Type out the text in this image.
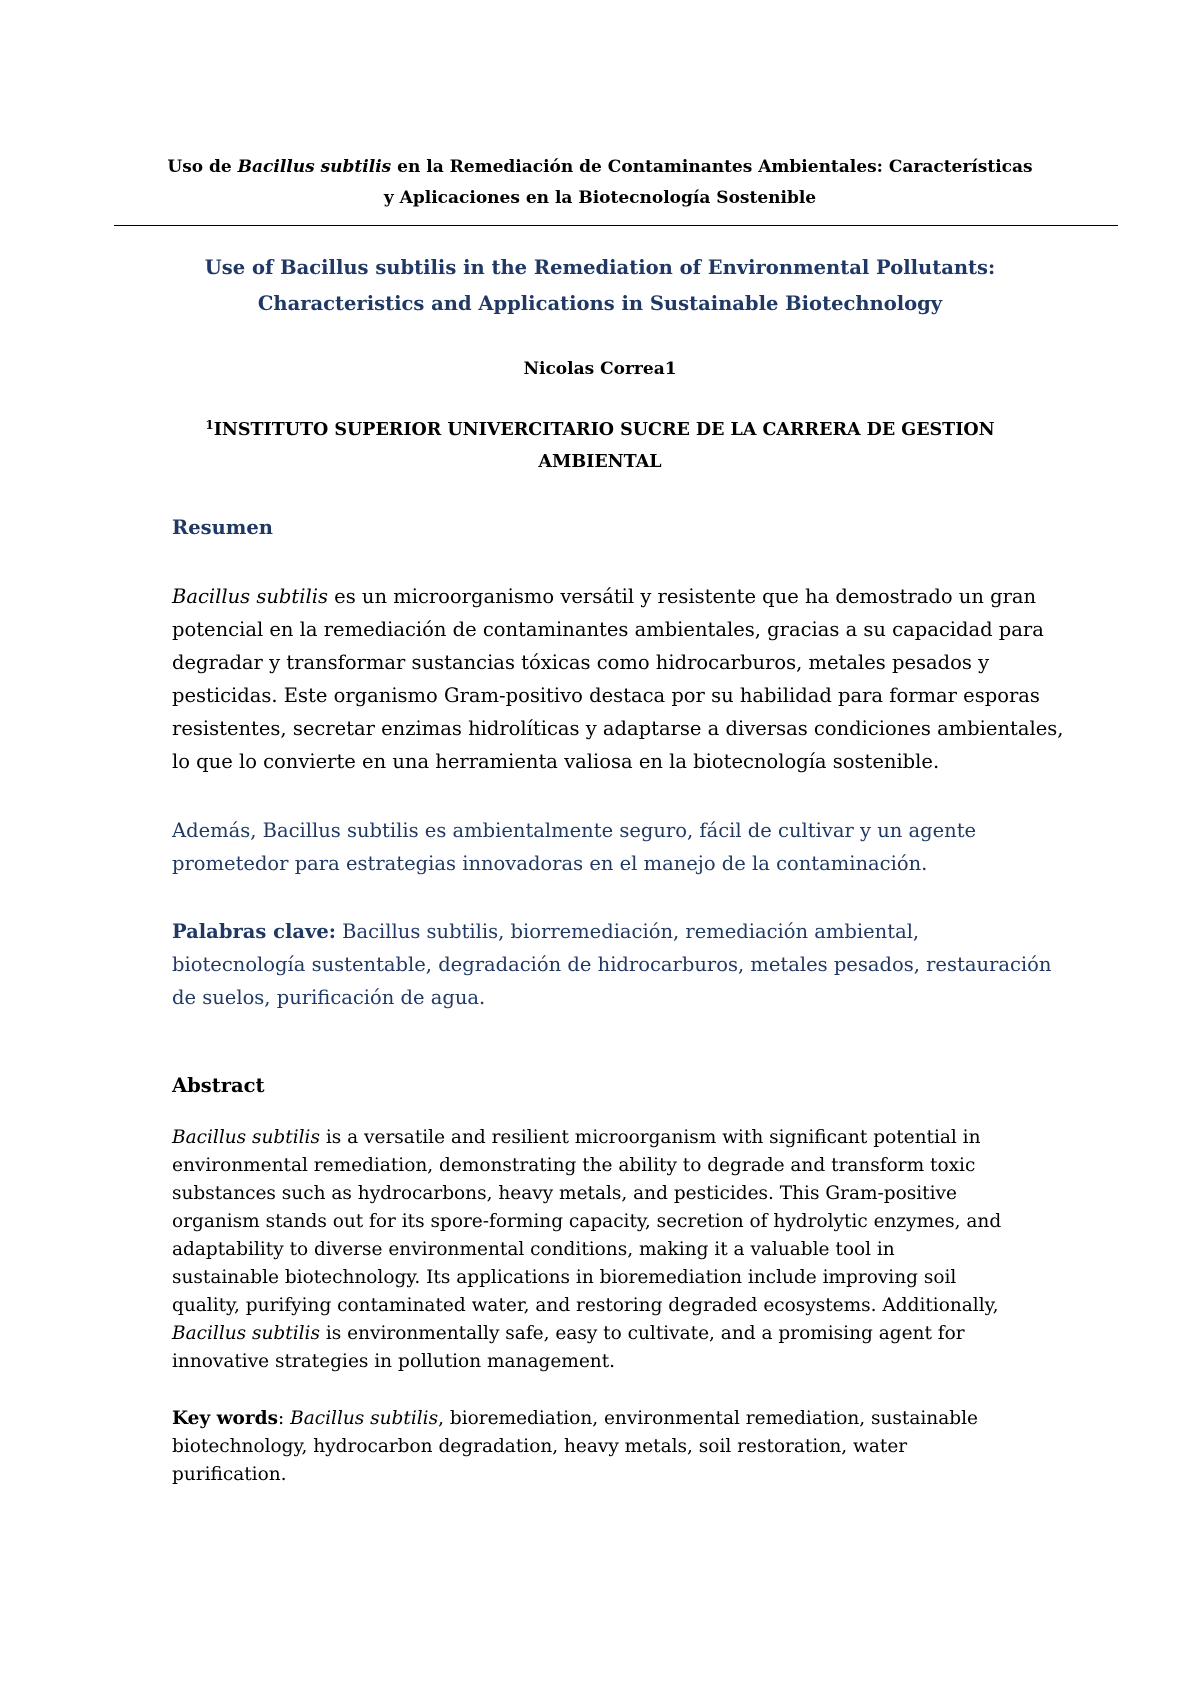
Uso de Bacillus subtilis en la Remediación de Contaminantes Ambientales: Características
y Aplicaciones en la Biotecnología Sostenible
Use of Bacillus subtilis in the Remediation of Environmental Pollutants:
Characteristics and Applications in Sustainable Biotechnology
Nicolas Correa1
$^1$INSTITUTO SUPERIOR UNIVERCITARIO SUCRE DE LA CARRERA DE GESTION
AMBIENTAL
Resumen
Bacillus subtilis es un microorganismo versátil y resistente que ha demostrado un gran
potencial en la remediación de contaminantes ambientales, gracias a su capacidad para
degradar y transformar sustancias tóxicas como hidrocarburos, metales pesados y
pesticidas. Este organismo Gram-positivo destaca por su habilidad para formar esporas
resistentes, secretar enzimas hidrolíticas y adaptarse a diversas condiciones ambientales,
lo que lo convierte en una herramienta valiosa en la biotecnología sostenible.
Además, Bacillus subtilis es ambientalmente seguro, fácil de cultivar y un agente
prometedor para estrategias innovadoras en el manejo de la contaminación.
Palabras clave: Bacillus subtilis, biorremediación, remediación ambiental,
biotecnología sustentable, degradación de hidrocarburos, metales pesados, restauración
de suelos, purificación de agua.
Abstract
Bacillus subtilis is a versatile and resilient microorganism with significant potential in
environmental remediation, demonstrating the ability to degrade and transform toxic
substances such as hydrocarbons, heavy metals, and pesticides. This Gram-positive
organism stands out for its spore-forming capacity, secretion of hydrolytic enzymes, and
adaptability to diverse environmental conditions, making it a valuable tool in
sustainable biotechnology. Its applications in bioremediation include improving soil
quality, purifying contaminated water, and restoring degraded ecosystems. Additionally,
Bacillus subtilis is environmentally safe, easy to cultivate, and a promising agent for
innovative strategies in pollution management.
Key words: Bacillus subtilis, bioremediation, environmental remediation, sustainable
biotechnology, hydrocarbon degradation, heavy metals, soil restoration, water
purification.
